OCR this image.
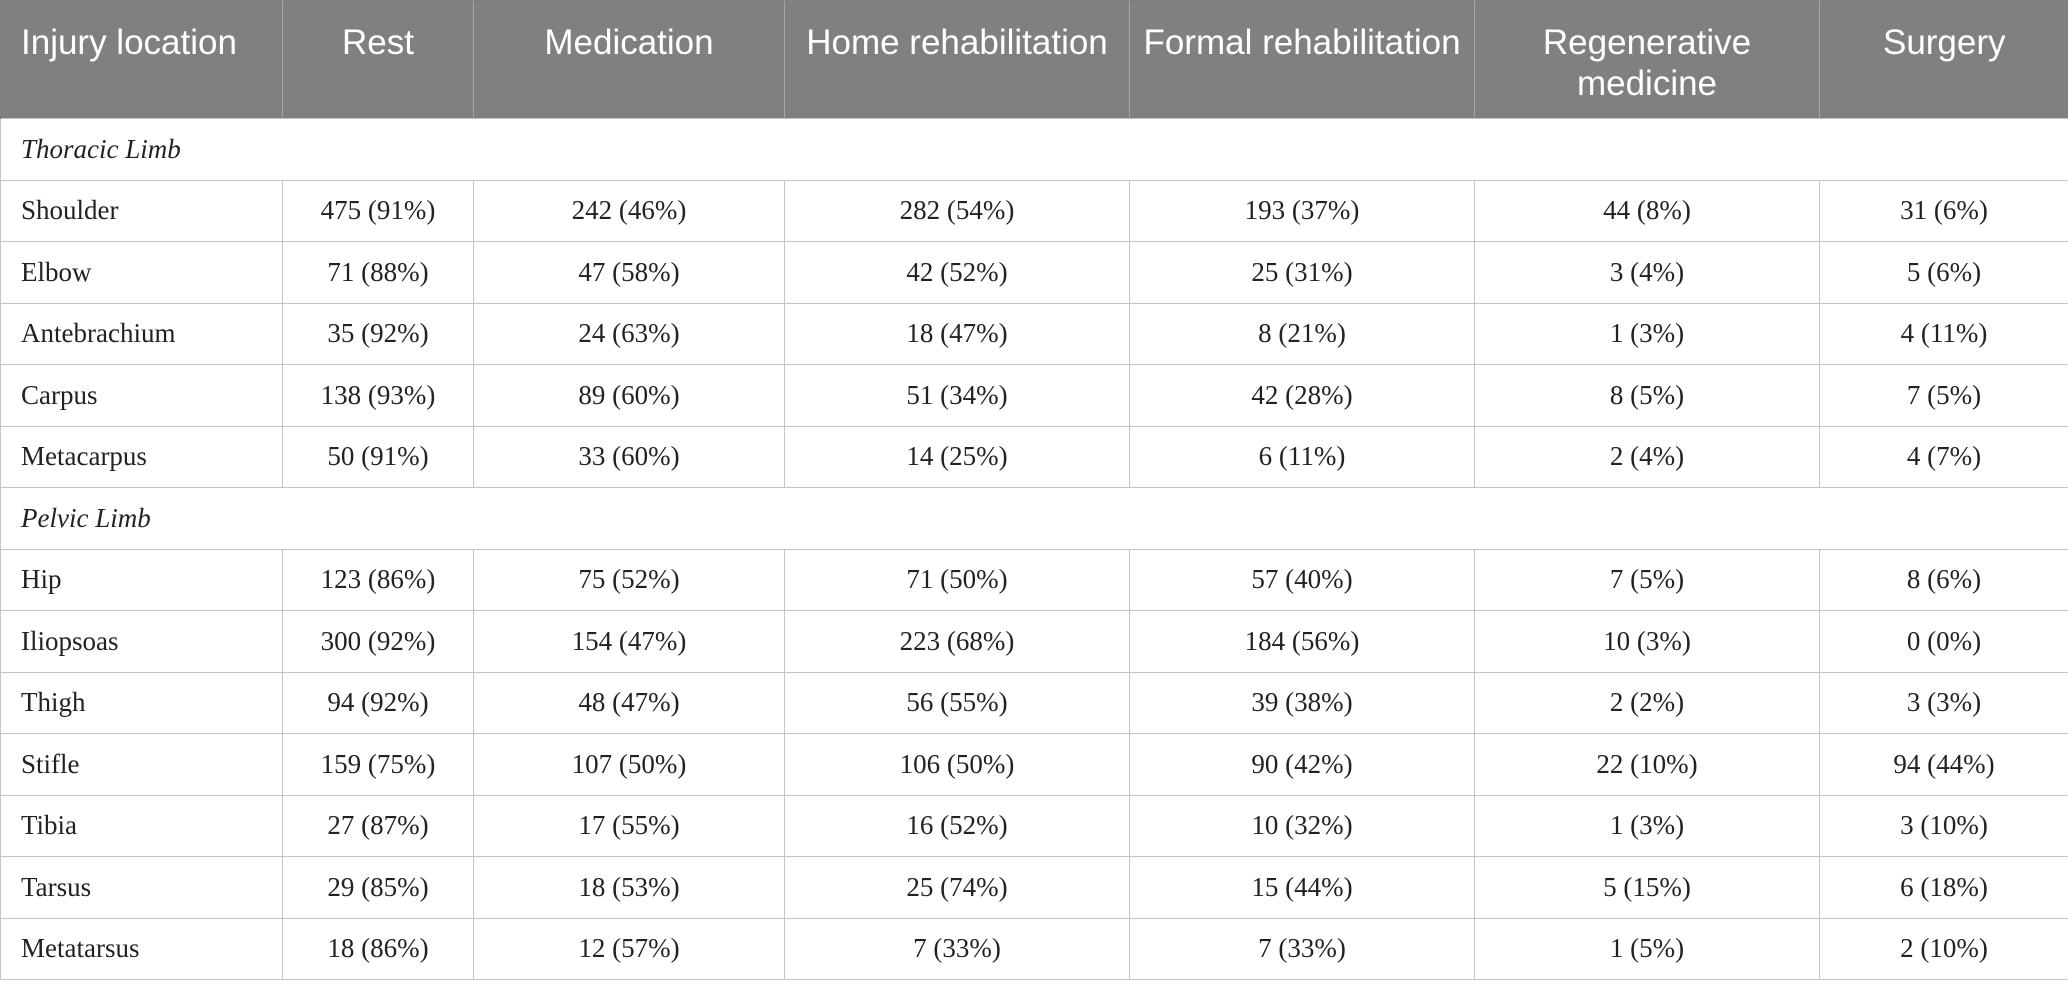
Injury location	Rest	Medication	Home rehabilitation	Formal rehabilitation	Regenerative medicine	Surgery
Thoracic Limb						
Shoulder	475 (91%)	242 (46%)	282 (54%)	193 (37%)	44 (8%)	31 (6%)
Elbow	71 (88%)	47 (58%)	42 (52%)	25 (31%)	3 (4%)	5 (6%)
Antebrachium	35 (92%)	24 (63%)	18 (47%)	8 (21%)	1 (3%)	4 (11%)
Carpus	138 (93%)	89 (60%)	51 (34%)	42 (28%)	8 (5%)	7 (5%)
Metacarpus	50 (91%)	33 (60%)	14 (25%)	6 (11%)	2 (4%)	4 (7%)
Pelvic Limb						
Hip	123 (86%)	75 (52%)	71 (50%)	57 (40%)	7 (5%)	8 (6%)
Iliopsoas	300 (92%)	154 (47%)	223 (68%)	184 (56%)	10 (3%)	0 (0%)
Thigh	94 (92%)	48 (47%)	56 (55%)	39 (38%)	2 (2%)	3 (3%)
Stifle	159 (75%)	107 (50%)	106 (50%)	90 (42%)	22 (10%)	94 (44%)
Tibia	27 (87%)	17 (55%)	16 (52%)	10 (32%)	1 (3%)	3 (10%)
Tarsus	29 (85%)	18 (53%)	25 (74%)	15 (44%)	5 (15%)	6 (18%)
Metatarsus	18 (86%)	12 (57%)	7 (33%)	7 (33%)	1 (5%)	2 (10%)
